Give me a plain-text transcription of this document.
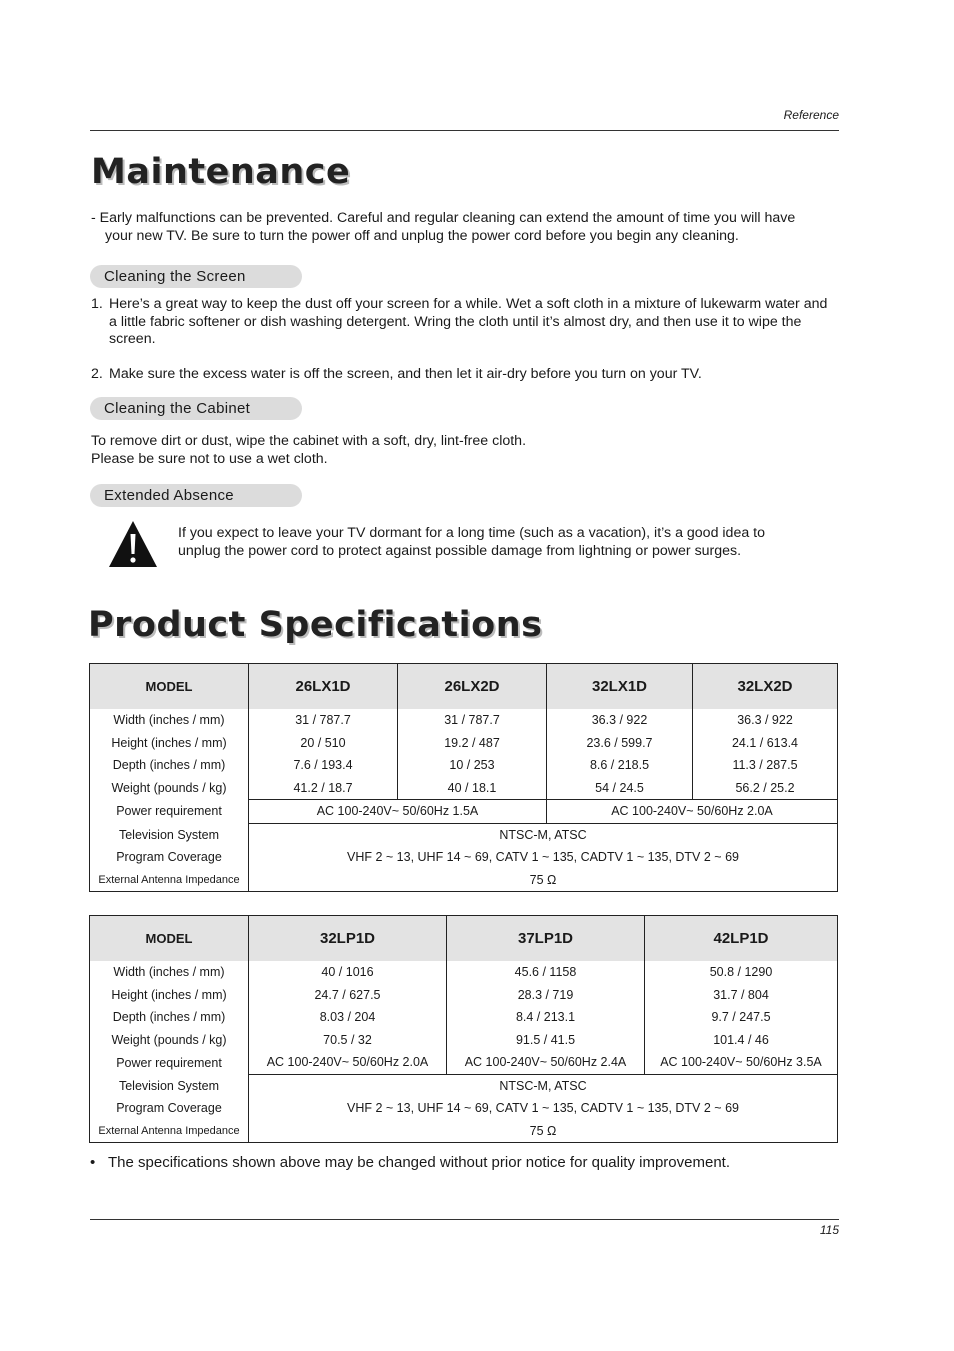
Reference
Maintenance
- Early malfunctions can be prevented. Careful and regular cleaning can extend the amount of time you will have
your new TV. Be sure to turn the power off and unplug the power cord before you begin any cleaning.
Cleaning the Screen
1. Here’s a great way to keep the dust off your screen for a while. Wet a soft cloth in a mixture of lukewarm water and a little fabric softener or dish washing detergent. Wring the cloth until it’s almost dry, and then use it to wipe the screen.
2. Make sure the excess water is off the screen, and then let it air-dry before you turn on your TV.
Cleaning the Cabinet
To remove dirt or dust, wipe the cabinet with a soft, dry, lint-free cloth.
Please be sure not to use a wet cloth.
Extended Absence
If you expect to leave your TV dormant for a long time (such as a vacation), it’s a good idea to
unplug the power cord to protect against possible damage from lightning or power surges.
Product Specifications
MODEL	26LX1D	26LX2D	32LX1D	32LX2D
Width (inches / mm)	31 / 787.7	31 / 787.7	36.3 / 922	36.3 / 922
Height (inches / mm)	20 / 510	19.2 / 487	23.6 / 599.7	24.1 / 613.4
Depth (inches / mm)	7.6 / 193.4	10 / 253	8.6 / 218.5	11.3 / 287.5
Weight (pounds / kg)	41.2 / 18.7	40 / 18.1	54 / 24.5	56.2 / 25.2
Power requirement	AC 100-240V~ 50/60Hz 1.5A		AC 100-240V~ 50/60Hz 2.0A	
Television System	NTSC-M, ATSC			
Program Coverage	VHF 2 ~ 13, UHF 14 ~ 69, CATV 1 ~ 135, CADTV 1 ~ 135, DTV 2 ~ 69			
External Antenna Impedance	75 Ω			
MODEL	32LP1D	37LP1D	42LP1D
Width (inches / mm)	40 / 1016	45.6 / 1158	50.8 / 1290
Height (inches / mm)	24.7 / 627.5	28.3 / 719	31.7 / 804
Depth (inches / mm)	8.03 / 204	8.4 / 213.1	9.7 / 247.5
Weight (pounds / kg)	70.5 / 32	91.5 / 41.5	101.4 / 46
Power requirement	AC 100-240V~ 50/60Hz 2.0A	AC 100-240V~ 50/60Hz 2.4A	AC 100-240V~ 50/60Hz 3.5A
Television System	NTSC-M, ATSC		
Program Coverage	VHF 2 ~ 13, UHF 14 ~ 69, CATV 1 ~ 135, CADTV 1 ~ 135, DTV 2 ~ 69		
External Antenna Impedance	75 Ω		
• The specifications shown above may be changed without prior notice for quality improvement.
115
